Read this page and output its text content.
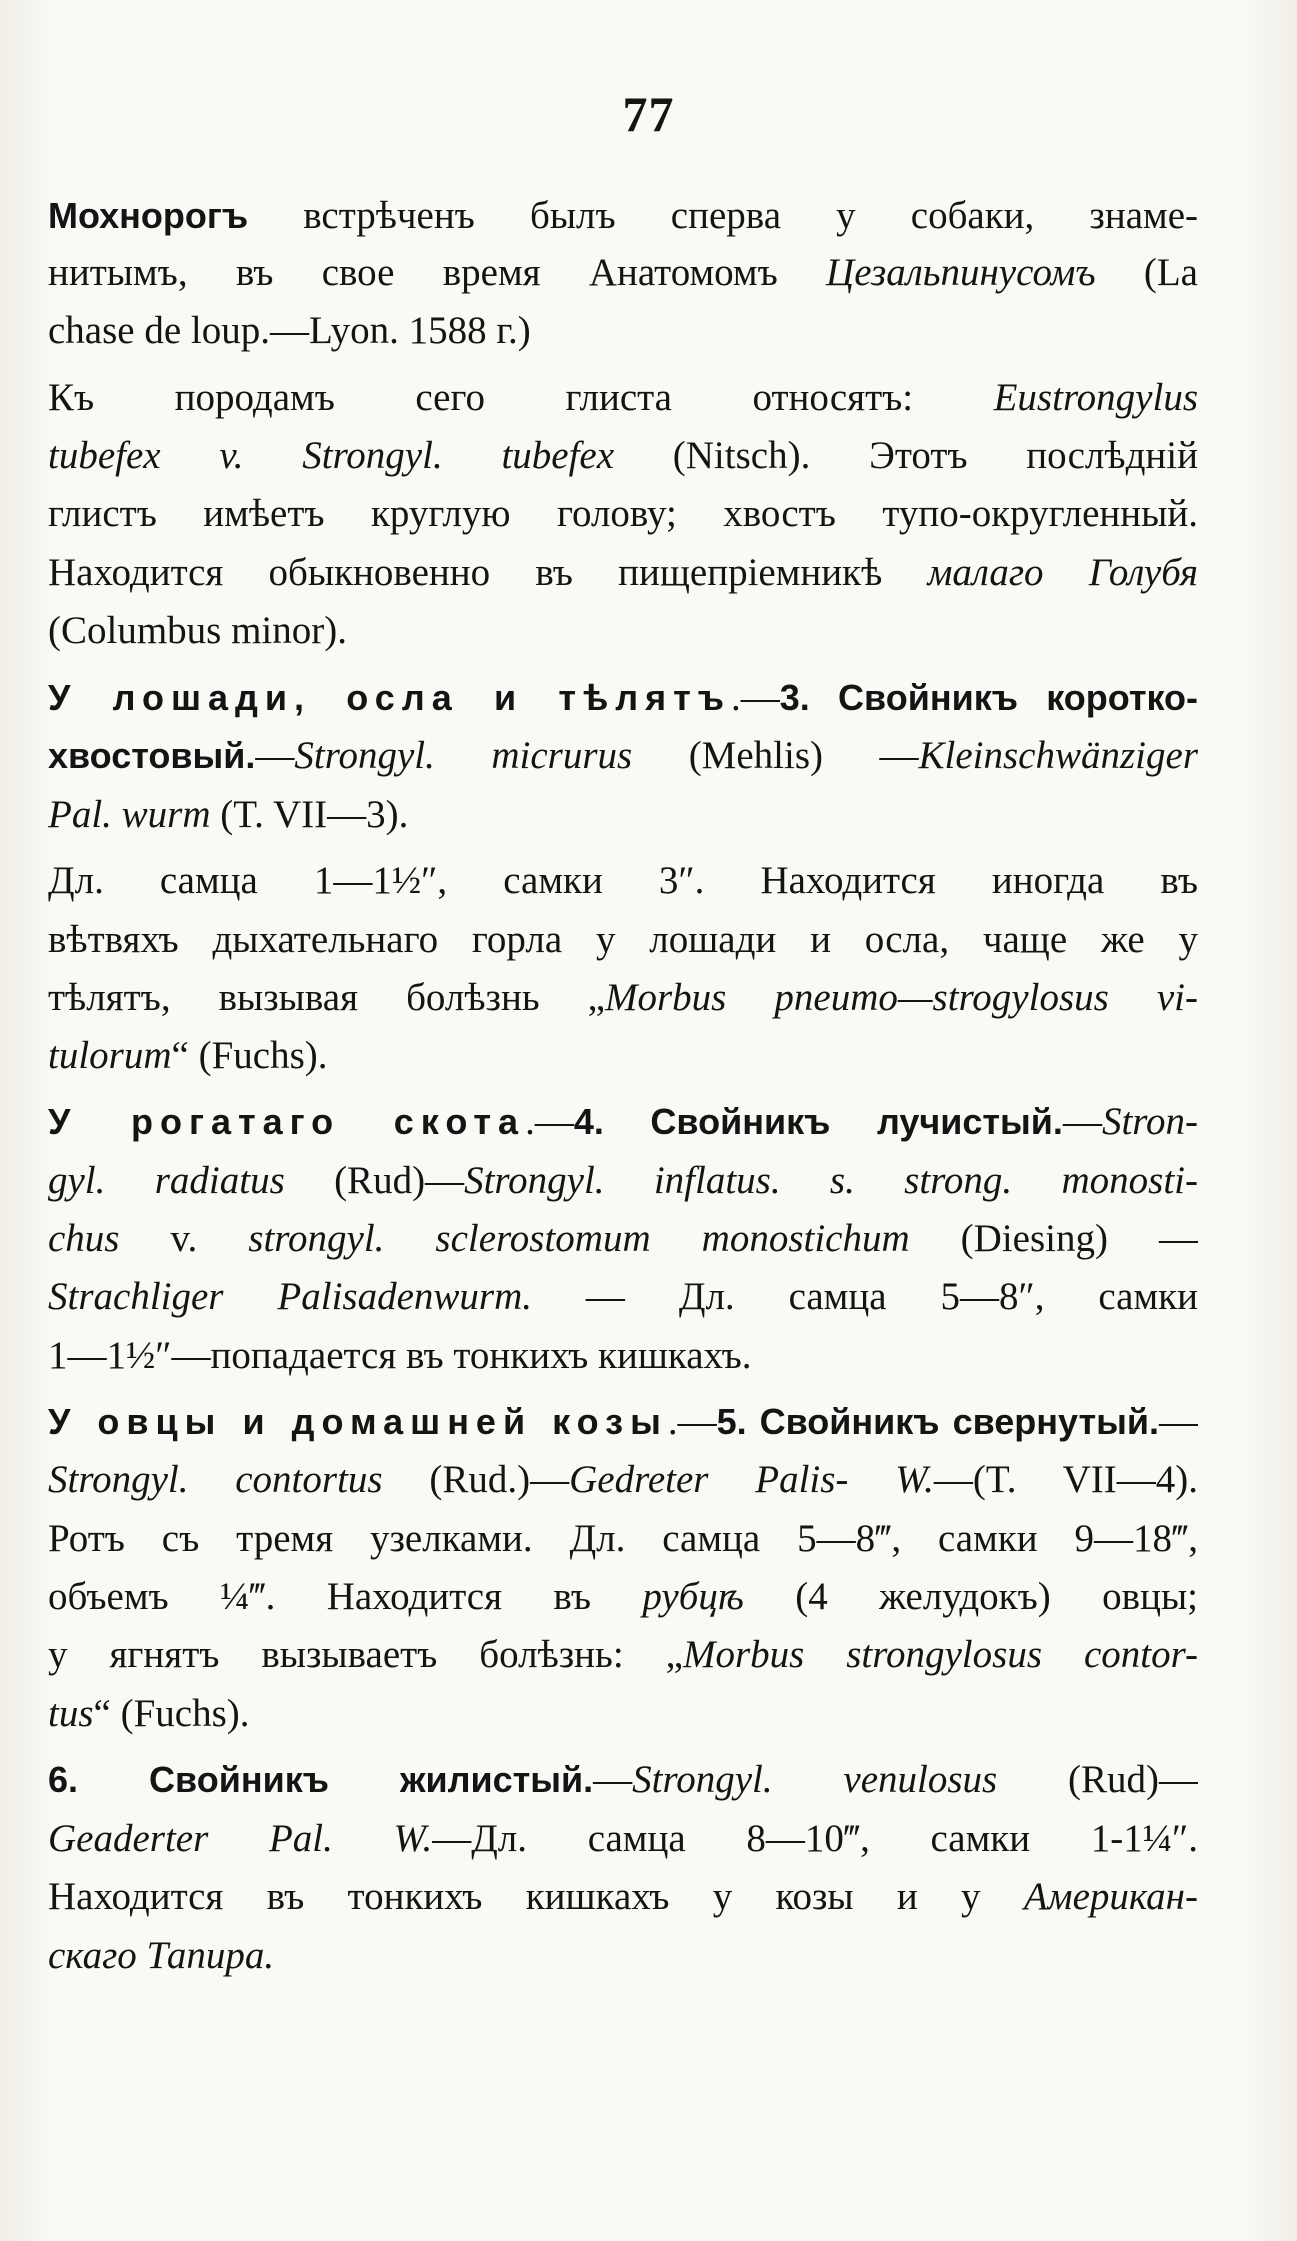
77
Мохнорогъ встрѣченъ былъ сперва у собаки, знаме-
нитымъ, въ свое время Анатомомъ Цезальпинусомъ (La
chase de loup.—Lyon. 1588 г.)
Къ породамъ сего глиста относятъ: Eustrongylus
tubefex v. Strongyl. tubefex (Nitsch). Этотъ послѣдній
глистъ имѣетъ круглую голову; хвостъ тупо-округленный.
Находится обыкновенно въ пищепріемникѣ малаго Голубя
(Columbus minor).
У лошади, осла и тѣлятъ.—3. Свойникъ коротко-
хвостовый.—Strongyl. micrurus (Mehlis) —Kleinschwänziger
Pal. wurm (T. VII—3).
Дл. самца 1—1½″, самки 3″. Находится иногда въ
вѣтвяхъ дыхательнаго горла у лошади и осла, чаще же у
тѣлятъ, вызывая болѣзнь „Morbus pneumo—strogylosus vi-
tulorum“ (Fuchs).
У рогатаго скота.—4. Свойникъ лучистый.—Stron-
gyl. radiatus (Rud)—Strongyl. inflatus. s. strong. monosti-
chus v. strongyl. sclerostomum monostichum (Diesing) —
Strachliger Palisadenwurm. — Дл. самца 5—8″, самки
1—1½″—попадается въ тонкихъ кишкахъ.
У овцы и домашней козы.—5. Свойникъ свернутый.—
Strongyl. contortus (Rud.)—Gedreter Palis- W.—(T. VII—4).
Ротъ съ тремя узелками. Дл. самца 5—8‴, самки 9—18‴,
объемъ ¼‴. Находится въ рубцѣ (4 желудокъ) овцы;
у ягнятъ вызываетъ болѣзнь: „Morbus strongylosus contor-
tus“ (Fuchs).
6. Свойникъ жилистый.—Strongyl. venulosus (Rud)—
Geaderter Pal. W.—Дл. самца 8—10‴, самки 1-1¼″.
Находится въ тонкихъ кишкахъ у козы и у Американ-
скаго Тапира.
